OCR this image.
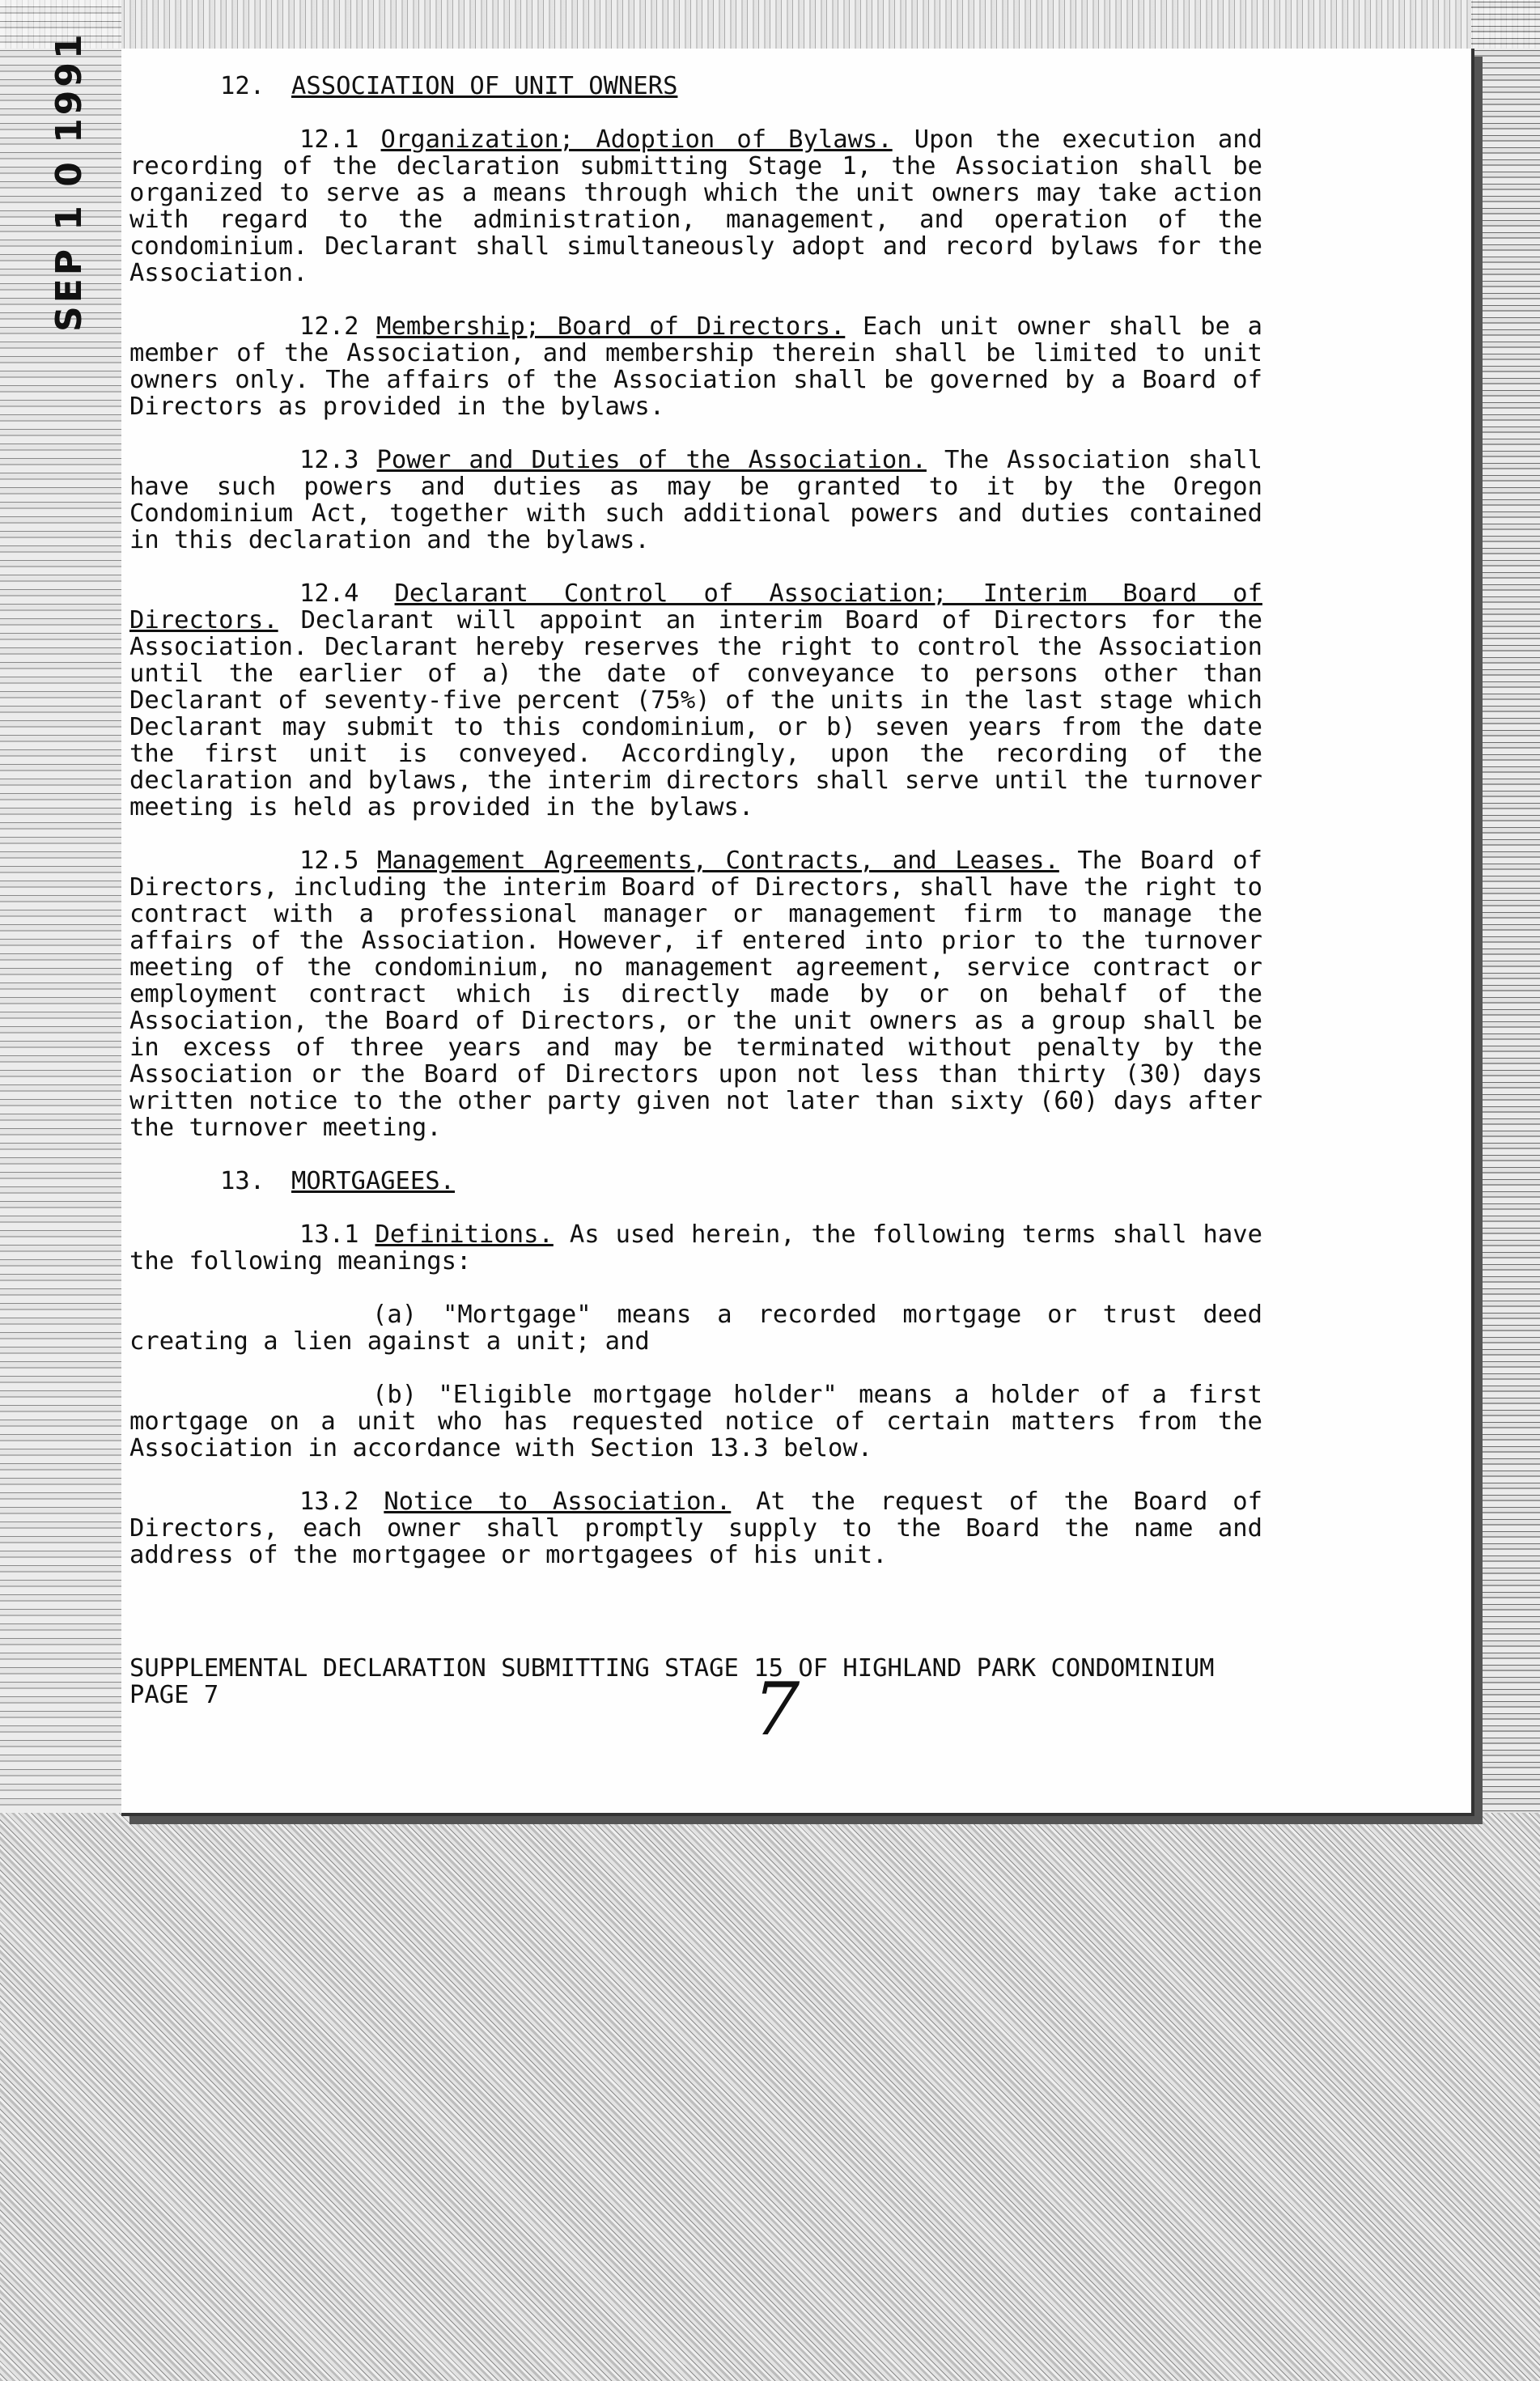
SEP 1 0 1991	12. ASSOCIATION OF UNIT OWNERS

12.1 Organization; Adoption of Bylaws. Upon the execution and recording of the declaration submitting Stage 1, the Association shall be organized to serve as a means through which the unit owners may take action with regard to the administration, management, and operation of the condominium. Declarant shall simultaneously adopt and record bylaws for the Association.

12.2 Membership; Board of Directors. Each unit owner shall be a member of the Association, and membership therein shall be limited to unit owners only. The affairs of the Association shall be governed by a Board of Directors as provided in the bylaws.

12.3 Power and Duties of the Association. The Association shall have such powers and duties as may be granted to it by the Oregon Condominium Act, together with such additional powers and duties contained in this declaration and the bylaws.

12.4 Declarant Control of Association; Interim Board of Directors. Declarant will appoint an interim Board of Directors for the Association. Declarant hereby reserves the right to control the Association until the earlier of a) the date of conveyance to persons other than Declarant of seventy-five percent (75%) of the units in the last stage which Declarant may submit to this condominium, or b) seven years from the date the first unit is conveyed. Accordingly, upon the recording of the declaration and bylaws, the interim directors shall serve until the turnover meeting is held as provided in the bylaws.

12.5 Management Agreements, Contracts, and Leases. The Board of Directors, including the interim Board of Directors, shall have the right to contract with a professional manager or management firm to manage the affairs of the Association. However, if entered into prior to the turnover meeting of the condominium, no management agreement, service contract or employment contract which is directly made by or on behalf of the Association, the Board of Directors, or the unit owners as a group shall be in excess of three years and may be terminated without penalty by the Association or the Board of Directors upon not less than thirty (30) days written notice to the other party given not later than sixty (60) days after the turnover meeting.

13. MORTGAGEES.

13.1 Definitions. As used herein, the following terms shall have the following meanings:

(a) "Mortgage" means a recorded mortgage or trust deed creating a lien against a unit; and

(b) "Eligible mortgage holder" means a holder of a first mortgage on a unit who has requested notice of certain matters from the Association in accordance with Section 13.3 below.

13.2 Notice to Association. At the request of the Board of Directors, each owner shall promptly supply to the Board the name and address of the mortgagee or mortgagees of his unit.

SUPPLEMENTAL DECLARATION SUBMITTING STAGE 15 OF HIGHLAND PARK CONDOMINIUM
PAGE 7	7
